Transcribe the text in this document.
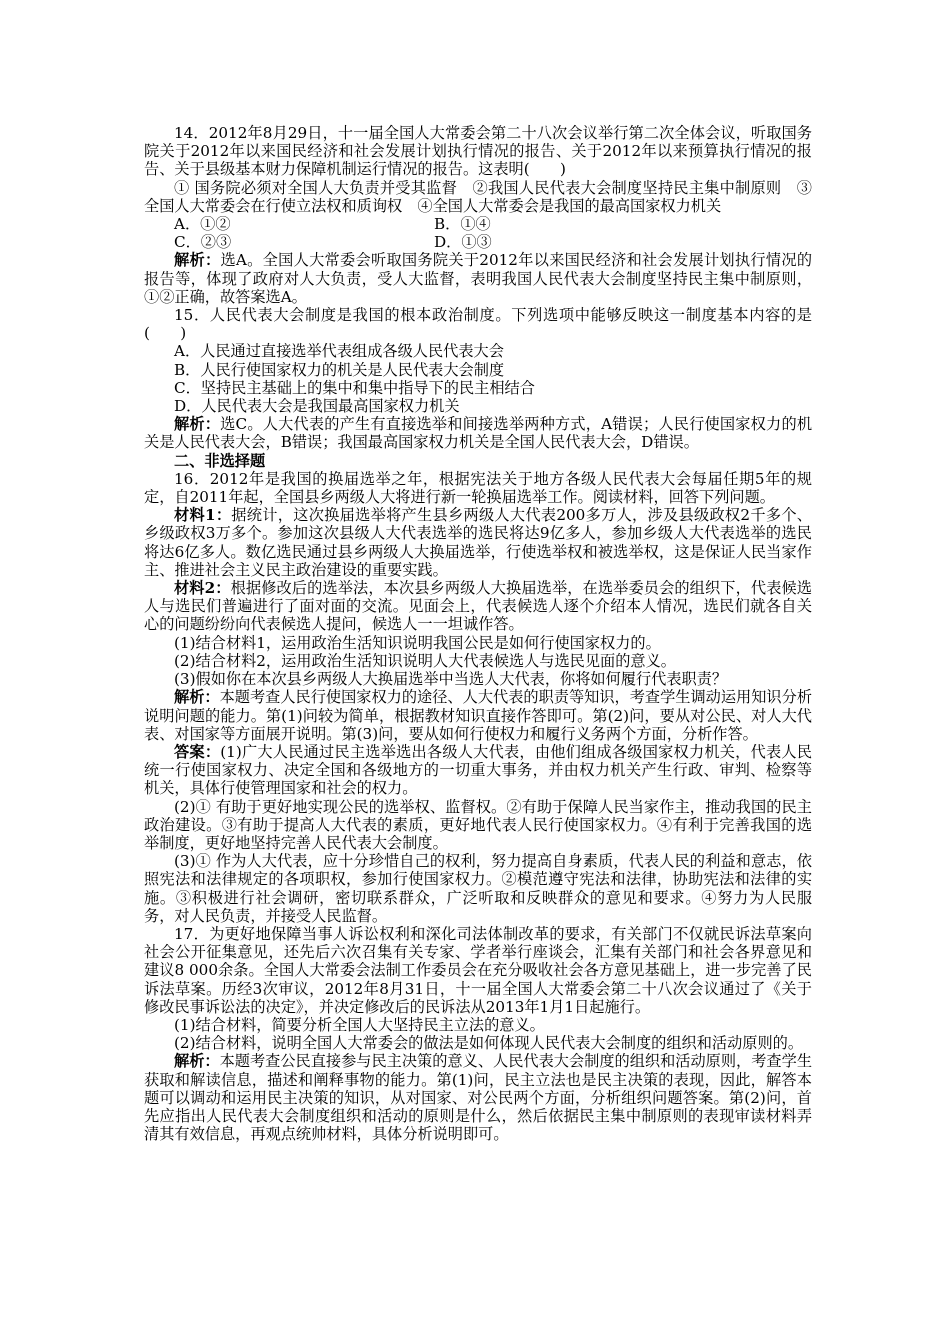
14．2012年8月29日，十一届全国人大常委会第二十八次会议举行第二次全体会议，听取国务院关于2012年以来国民经济和社会发展计划执行情况的报告、关于2012年以来预算执行情况的报告、关于县级基本财力保障机制运行情况的报告。这表明(　　)

① 国务院必须对全国人大负责并受其监督　②我国人民代表大会制度坚持民主集中制原则　③全国人大常委会在行使立法权和质询权　④全国人大常委会是我国的最高国家权力机关

A．①②	B．①④
C．②③	D．①③

解析：选A。全国人大常委会听取国务院关于2012年以来国民经济和社会发展计划执行情况的报告等，体现了政府对人大负责，受人大监督，表明我国人民代表大会制度坚持民主集中制原则，①②正确，故答案选A。

15．人民代表大会制度是我国的根本政治制度。下列选项中能够反映这一制度基本内容的是(　　)

A．人民通过直接选举代表组成各级人民代表大会
B．人民行使国家权力的机关是人民代表大会制度
C．坚持民主基础上的集中和集中指导下的民主相结合
D．人民代表大会是我国最高国家权力机关

解析：选C。人大代表的产生有直接选举和间接选举两种方式，A错误；人民行使国家权力的机关是人民代表大会，B错误；我国最高国家权力机关是全国人民代表大会，D错误。

二、非选择题

16．2012年是我国的换届选举之年，根据宪法关于地方各级人民代表大会每届任期5年的规定，自2011年起，全国县乡两级人大将进行新一轮换届选举工作。阅读材料，回答下列问题。

材料1：据统计，这次换届选举将产生县乡两级人大代表200多万人，涉及县级政权2千多个、乡级政权3万多个。参加这次县级人大代表选举的选民将达9亿多人，参加乡级人大代表选举的选民将达6亿多人。数亿选民通过县乡两级人大换届选举，行使选举权和被选举权，这是保证人民当家作主、推进社会主义民主政治建设的重要实践。

材料2：根据修改后的选举法，本次县乡两级人大换届选举，在选举委员会的组织下，代表候选人与选民们普遍进行了面对面的交流。见面会上，代表候选人逐个介绍本人情况，选民们就各自关心的问题纷纷向代表候选人提问，候选人一一坦诚作答。

(1)结合材料1，运用政治生活知识说明我国公民是如何行使国家权力的。

(2)结合材料2，运用政治生活知识说明人大代表候选人与选民见面的意义。

(3)假如你在本次县乡两级人大换届选举中当选人大代表，你将如何履行代表职责？

解析：本题考查人民行使国家权力的途径、人大代表的职责等知识，考查学生调动运用知识分析说明问题的能力。第(1)问较为简单，根据教材知识直接作答即可。第(2)问，要从对公民、对人大代表、对国家等方面展开说明。第(3)问，要从如何行使权力和履行义务两个方面，分析作答。

答案：(1)广大人民通过民主选举选出各级人大代表，由他们组成各级国家权力机关，代表人民统一行使国家权力、决定全国和各级地方的一切重大事务，并由权力机关产生行政、审判、检察等机关，具体行使管理国家和社会的权力。

(2)① 有助于更好地实现公民的选举权、监督权。②有助于保障人民当家作主，推动我国的民主政治建设。③有助于提高人大代表的素质，更好地代表人民行使国家权力。④有利于完善我国的选举制度，更好地坚持完善人民代表大会制度。

(3)① 作为人大代表，应十分珍惜自己的权利，努力提高自身素质，代表人民的利益和意志，依照宪法和法律规定的各项职权，参加行使国家权力。②模范遵守宪法和法律，协助宪法和法律的实施。③积极进行社会调研，密切联系群众，广泛听取和反映群众的意见和要求。④努力为人民服务，对人民负责，并接受人民监督。

17．为更好地保障当事人诉讼权利和深化司法体制改革的要求，有关部门不仅就民诉法草案向社会公开征集意见，还先后六次召集有关专家、学者举行座谈会，汇集有关部门和社会各界意见和建议8 000余条。全国人大常委会法制工作委员会在充分吸收社会各方意见基础上，进一步完善了民诉法草案。历经3次审议，2012年8月31日，十一届全国人大常委会第二十八次会议通过了《关于修改民事诉讼法的决定》，并决定修改后的民诉法从2013年1月1日起施行。

(1)结合材料，简要分析全国人大坚持民主立法的意义。

(2)结合材料，说明全国人大常委会的做法是如何体现人民代表大会制度的组织和活动原则的。

解析：本题考查公民直接参与民主决策的意义、人民代表大会制度的组织和活动原则，考查学生获取和解读信息，描述和阐释事物的能力。第(1)问，民主立法也是民主决策的表现，因此，解答本题可以调动和运用民主决策的知识，从对国家、对公民两个方面，分析组织问题答案。第(2)问，首先应指出人民代表大会制度组织和活动的原则是什么，然后依据民主集中制原则的表现审读材料弄清其有效信息，再观点统帅材料，具体分析说明即可。
